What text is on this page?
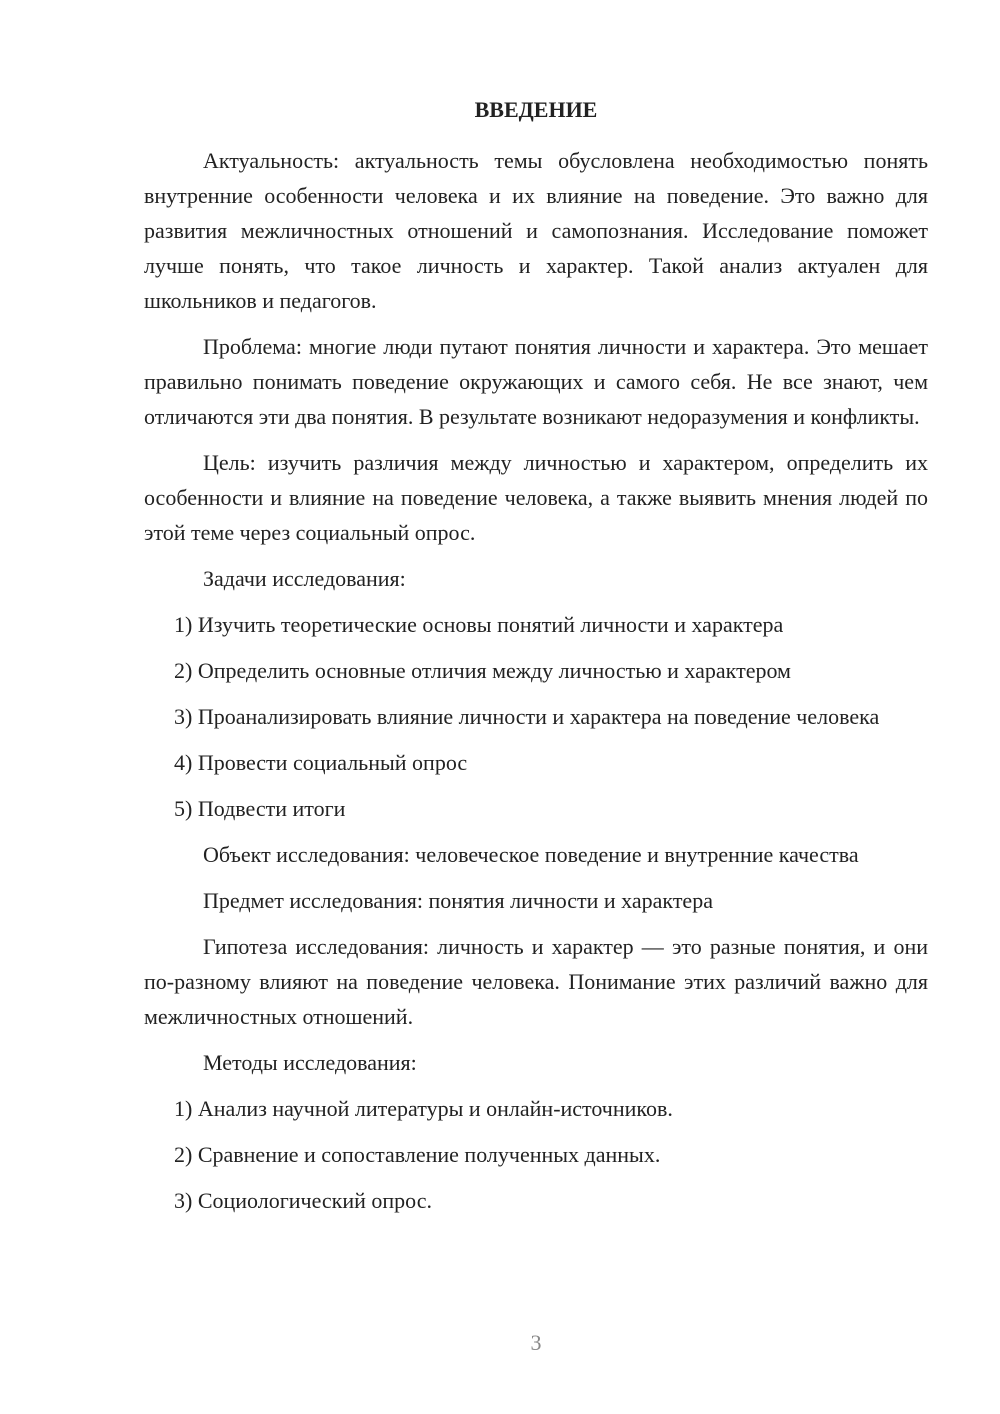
ВВЕДЕНИЕ
Актуальность: актуальность темы обусловлена необходимостью понять внутренние особенности человека и их влияние на поведение. Это важно для развития межличностных отношений и самопознания. Исследование поможет лучше понять, что такое личность и характер. Такой анализ актуален для школьников и педагогов.
Проблема: многие люди путают понятия личности и характера. Это мешает правильно понимать поведение окружающих и самого себя. Не все знают, чем отличаются эти два понятия. В результате возникают недоразумения и конфликты.
Цель: изучить различия между личностью и характером, определить их особенности и влияние на поведение человека, а также выявить мнения людей по этой теме через социальный опрос.
Задачи исследования:
1) Изучить теоретические основы понятий личности и характера
2) Определить основные отличия между личностью и характером
3) Проанализировать влияние личности и характера на поведение человека
4) Провести социальный опрос
5) Подвести итоги
Объект исследования: человеческое поведение и внутренние качества
Предмет исследования: понятия личности и характера
Гипотеза исследования: личность и характер — это разные понятия, и они по-разному влияют на поведение человека. Понимание этих различий важно для межличностных отношений.
Методы исследования:
1) Анализ научной литературы и онлайн-источников.
2) Сравнение и сопоставление полученных данных.
3) Социологический опрос.
3
